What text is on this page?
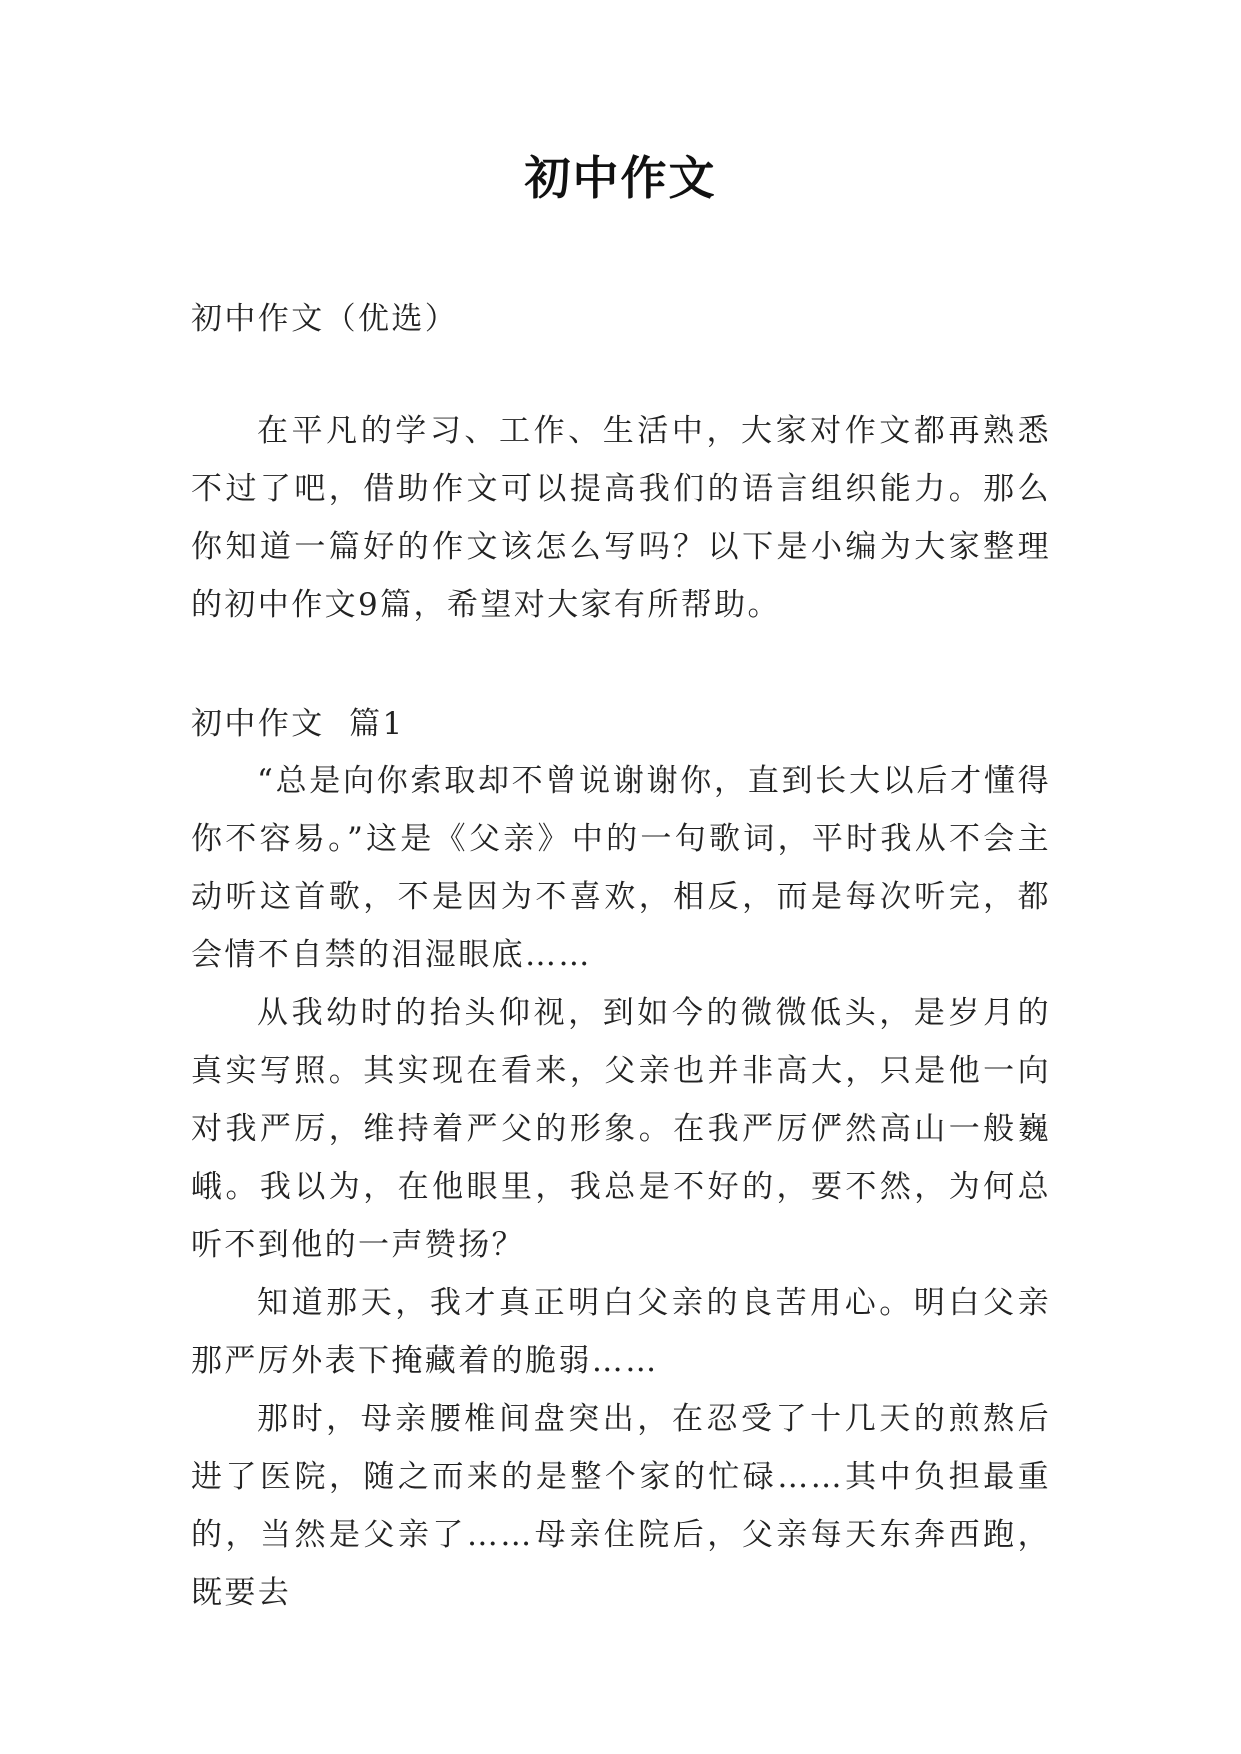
初中作文

初中作文（优选）

在平凡的学习、工作、生活中，大家对作文都再熟悉不过了吧，借助作文可以提高我们的语言组织能力。那么你知道一篇好的作文该怎么写吗？以下是小编为大家整理的初中作文9篇，希望对大家有所帮助。

初中作文  篇1

“总是向你索取却不曾说谢谢你，直到长大以后才懂得你不容易。”这是《父亲》中的一句歌词，平时我从不会主动听这首歌，不是因为不喜欢，相反，而是每次听完，都会情不自禁的泪湿眼底……

从我幼时的抬头仰视，到如今的微微低头，是岁月的真实写照。其实现在看来，父亲也并非高大，只是他一向对我严厉，维持着严父的形象。在我严厉俨然高山一般巍峨。我以为，在他眼里，我总是不好的，要不然，为何总听不到他的一声赞扬？

知道那天，我才真正明白父亲的良苦用心。明白父亲那严厉外表下掩藏着的脆弱……

那时，母亲腰椎间盘突出，在忍受了十几天的煎熬后进了医院，随之而来的是整个家的忙碌……其中负担最重的，当然是父亲了……母亲住院后，父亲每天东奔西跑，既要去
